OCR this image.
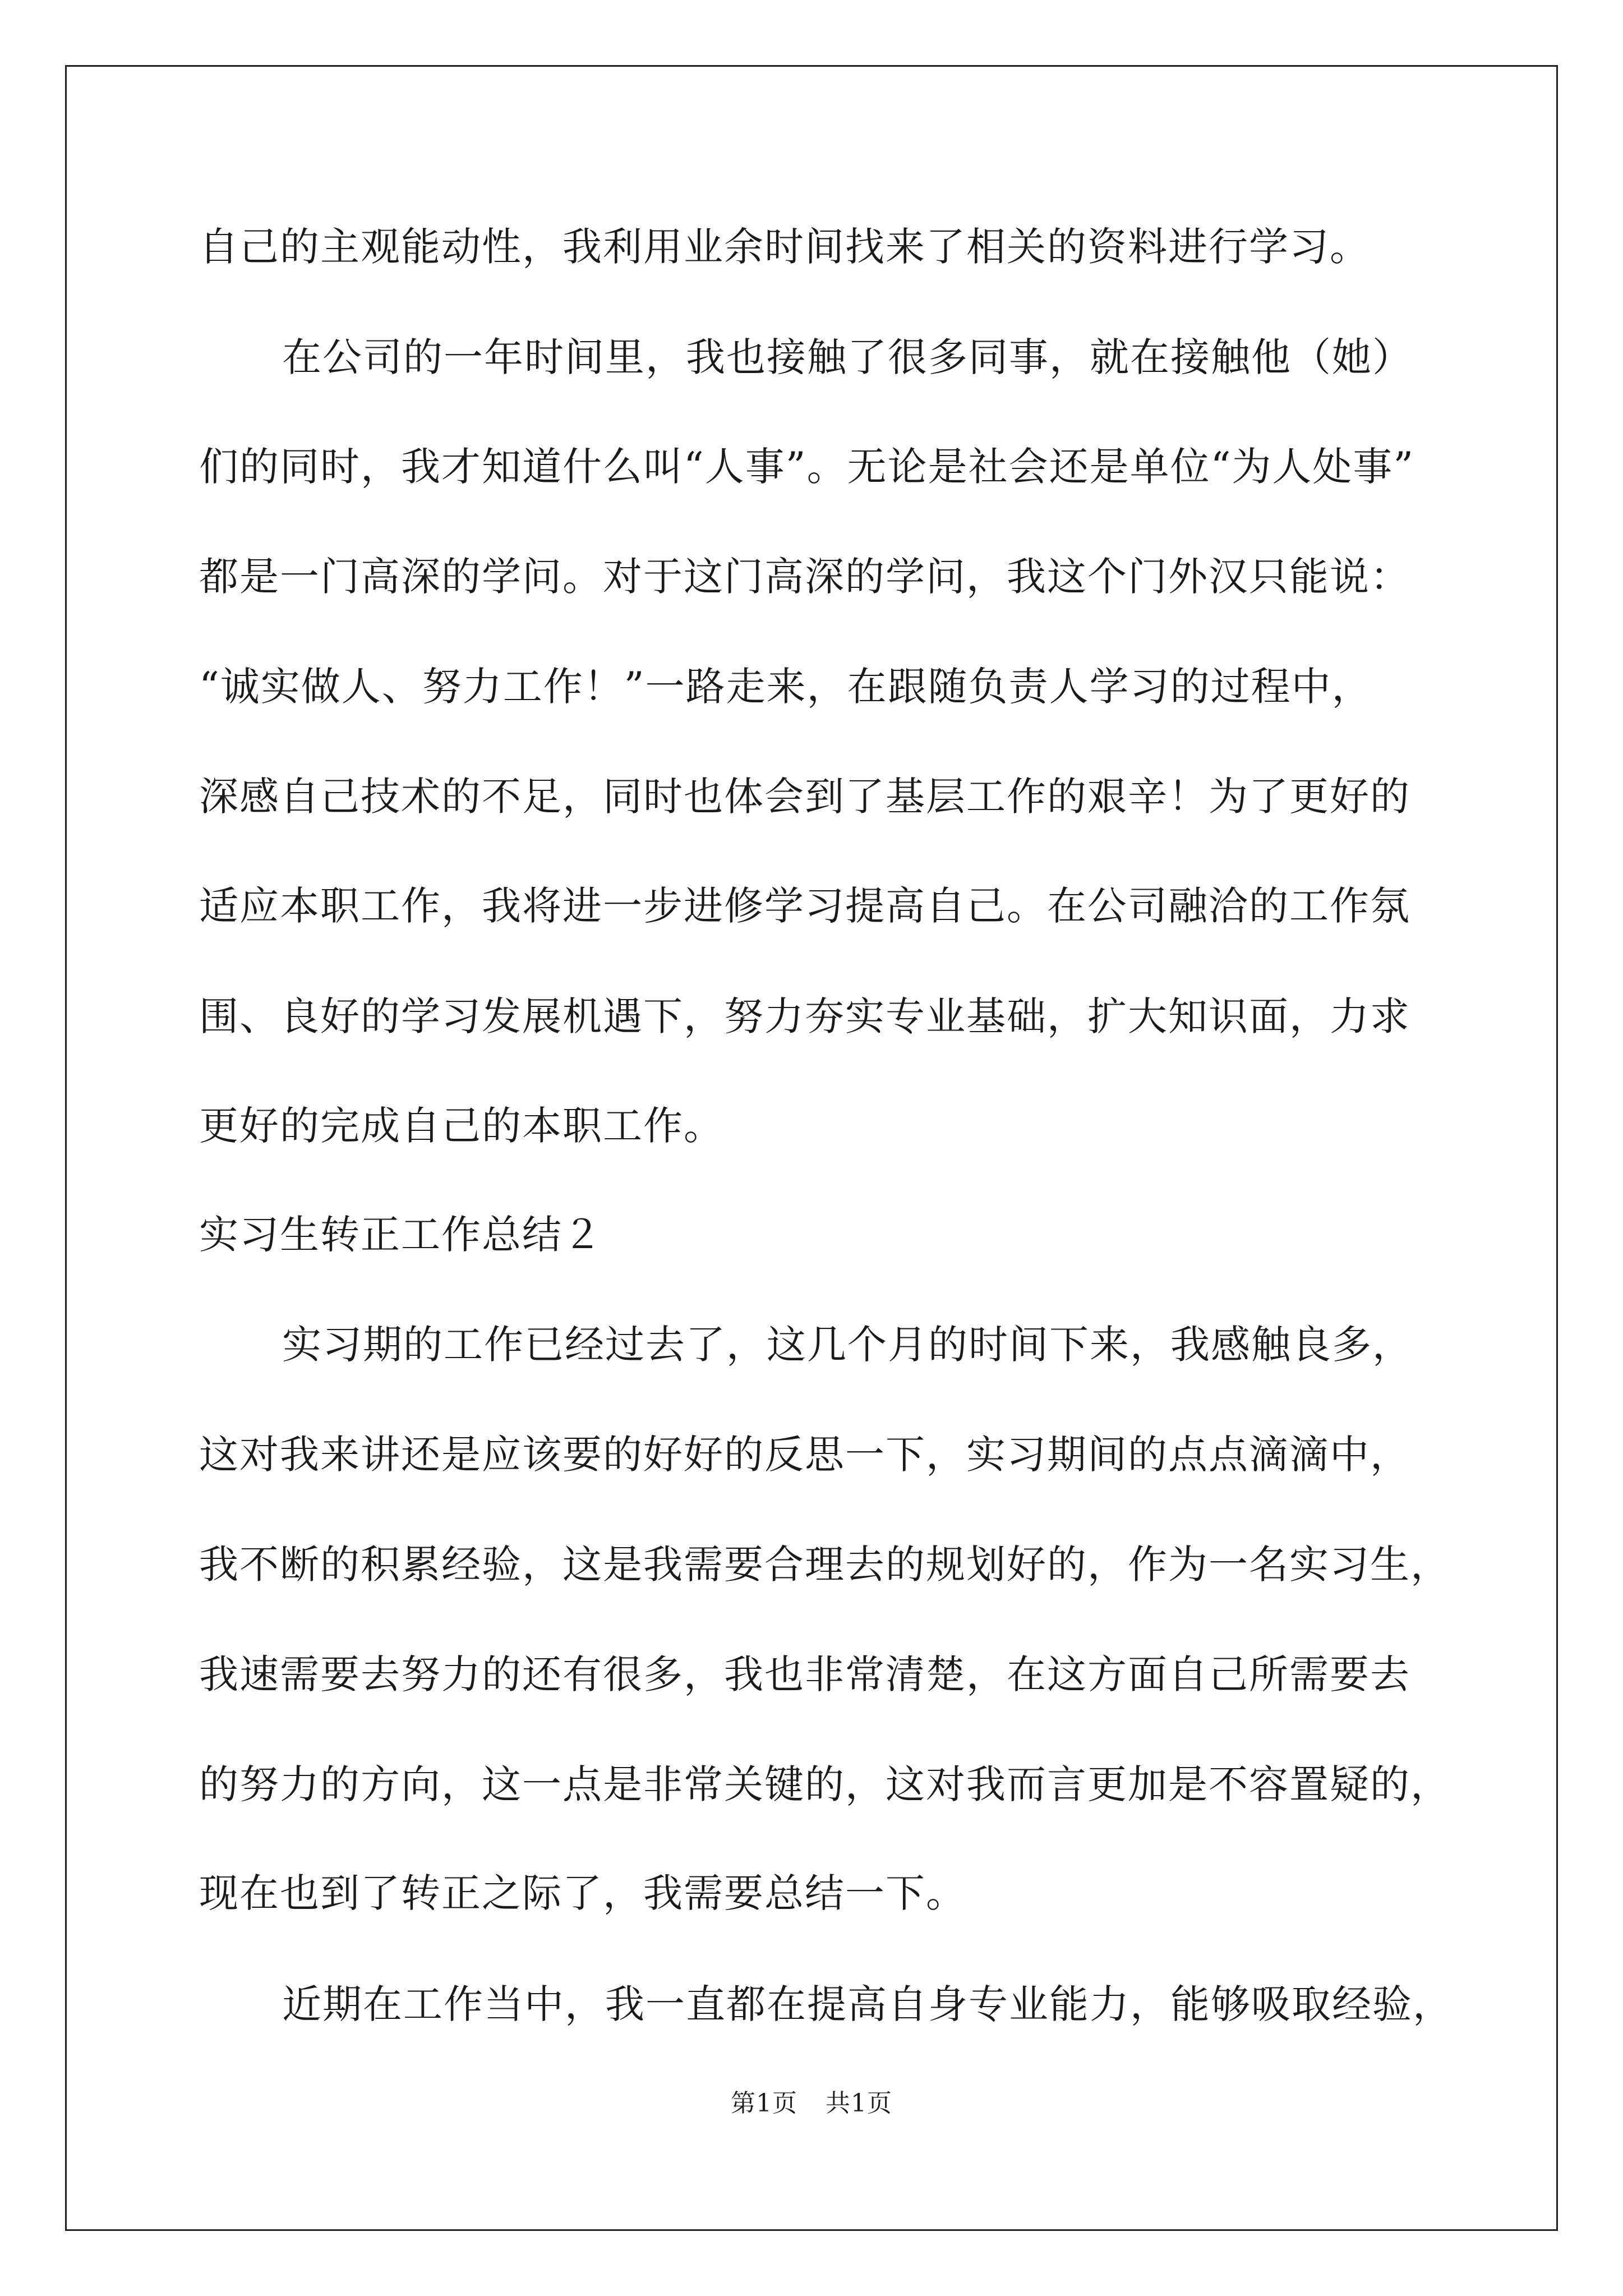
自己的主观能动性，我利用业余时间找来了相关的资料进行学习。
在公司的一年时间里，我也接触了很多同事，就在接触他（她）
们的同时，我才知道什么叫“人事”。无论是社会还是单位“为人处事”
都是一门高深的学问。对于这门高深的学问，我这个门外汉只能说：
“诚实做人、努力工作！”一路走来，在跟随负责人学习的过程中，
深感自己技术的不足，同时也体会到了基层工作的艰辛！为了更好的
适应本职工作，我将进一步进修学习提高自己。在公司融洽的工作氛
围、良好的学习发展机遇下，努力夯实专业基础，扩大知识面，力求
更好的完成自己的本职工作。
实习生转正工作总结２
实习期的工作已经过去了，这几个月的时间下来，我感触良多，
这对我来讲还是应该要的好好的反思一下，实习期间的点点滴滴中，
我不断的积累经验，这是我需要合理去的规划好的，作为一名实习生，
我速需要去努力的还有很多，我也非常清楚，在这方面自己所需要去
的努力的方向，这一点是非常关键的，这对我而言更加是不容置疑的，
现在也到了转正之际了，我需要总结一下。
近期在工作当中，我一直都在提高自身专业能力，能够吸取经验，
第1页 共1页
